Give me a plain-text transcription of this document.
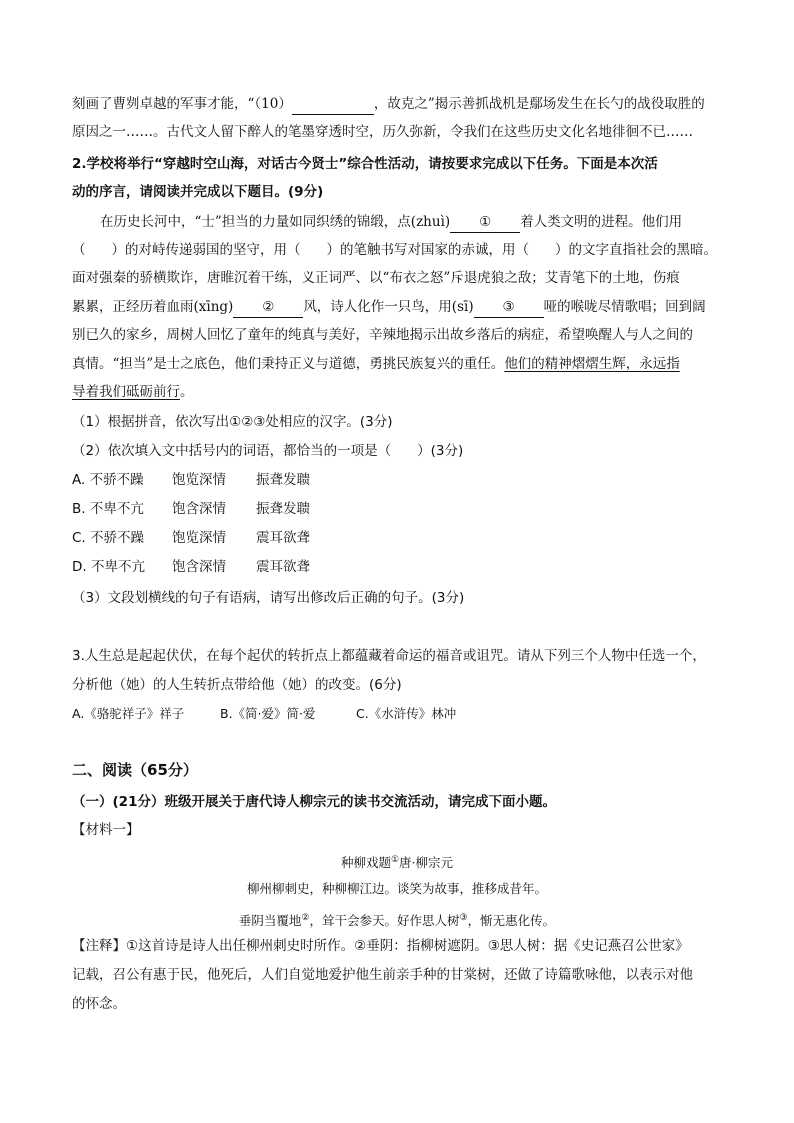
刻画了曹刿卓越的军事才能，“（10）	，故克之”揭示善抓战机是鄢场发生在长勺的战役取胜的
原因之一……。古代文人留下醉人的笔墨穿透时空，历久弥新，令我们在这些历史文化名地徘徊不已……
2.学校将举行“穿越时空山海，对话古今贤士”综合性活动，请按要求完成以下任务。下面是本次活
动的序言，请阅读并完成以下题目。(9分)
在历史长河中，“士”担当的力量如同织绣的锦缎，点(zhuì) ① 着人类文明的进程。他们用
（ ）的对峙传递弱国的坚守，用（ ）的笔触书写对国家的赤诚，用（ ）的文字直指社会的黑暗。
面对强秦的骄横欺诈，唐睢沉着干练，义正词严、以“布衣之怒”斥退虎狼之敌；艾青笔下的土地，伤痕
累累，正经历着血雨(xīng) ② 风，诗人化作一只鸟，用(sī) ③ 哑的喉咙尽情歌唱；回到阔
别已久的家乡，周树人回忆了童年的纯真与美好，辛辣地揭示出故乡落后的病症，希望唤醒人与人之间的
真情。“担当”是士之底色，他们秉持正义与道德，勇挑民族复兴的重任。他们的精神熠熠生辉，永远指
导着我们砥砺前行。
（1）根据拼音，依次写出①②③处相应的汉字。(3分)
（2）依次填入文中括号内的词语，都恰当的一项是（ ）(3分)
A. 不骄不躁 饱览深情 振聋发聩
B. 不卑不亢 饱含深情 振聋发聩
C. 不骄不躁 饱览深情 震耳欲聋
D. 不卑不亢 饱含深情 震耳欲聋
（3）文段划横线的句子有语病，请写出修改后正确的句子。(3分)
3.人生总是起起伏伏，在每个起伏的转折点上都蕴藏着命运的福音或诅咒。请从下列三个人物中任选一个，
分析他（她）的人生转折点带给他（她）的改变。(6分)
A.《骆驼祥子》祥子	B.《简·爱》简·爱	C.《水浒传》林冲
二、阅读（65分）
（一）(21分）班级开展关于唐代诗人柳宗元的读书交流活动，请完成下面小题。
【材料一】
种柳戏题①唐·柳宗元
柳州柳刺史，种柳柳江边。谈笑为故事，推移成昔年。
垂阴当覆地②，耸干会参天。好作思人树③，惭无惠化传。
【注释】①这首诗是诗人出任柳州刺史时所作。②垂阴：指柳树遮阴。③思人树：据《史记燕召公世家》
记载，召公有惠于民，他死后，人们自觉地爱护他生前亲手种的甘棠树，还做了诗篇歌咏他，以表示对他
的怀念。
